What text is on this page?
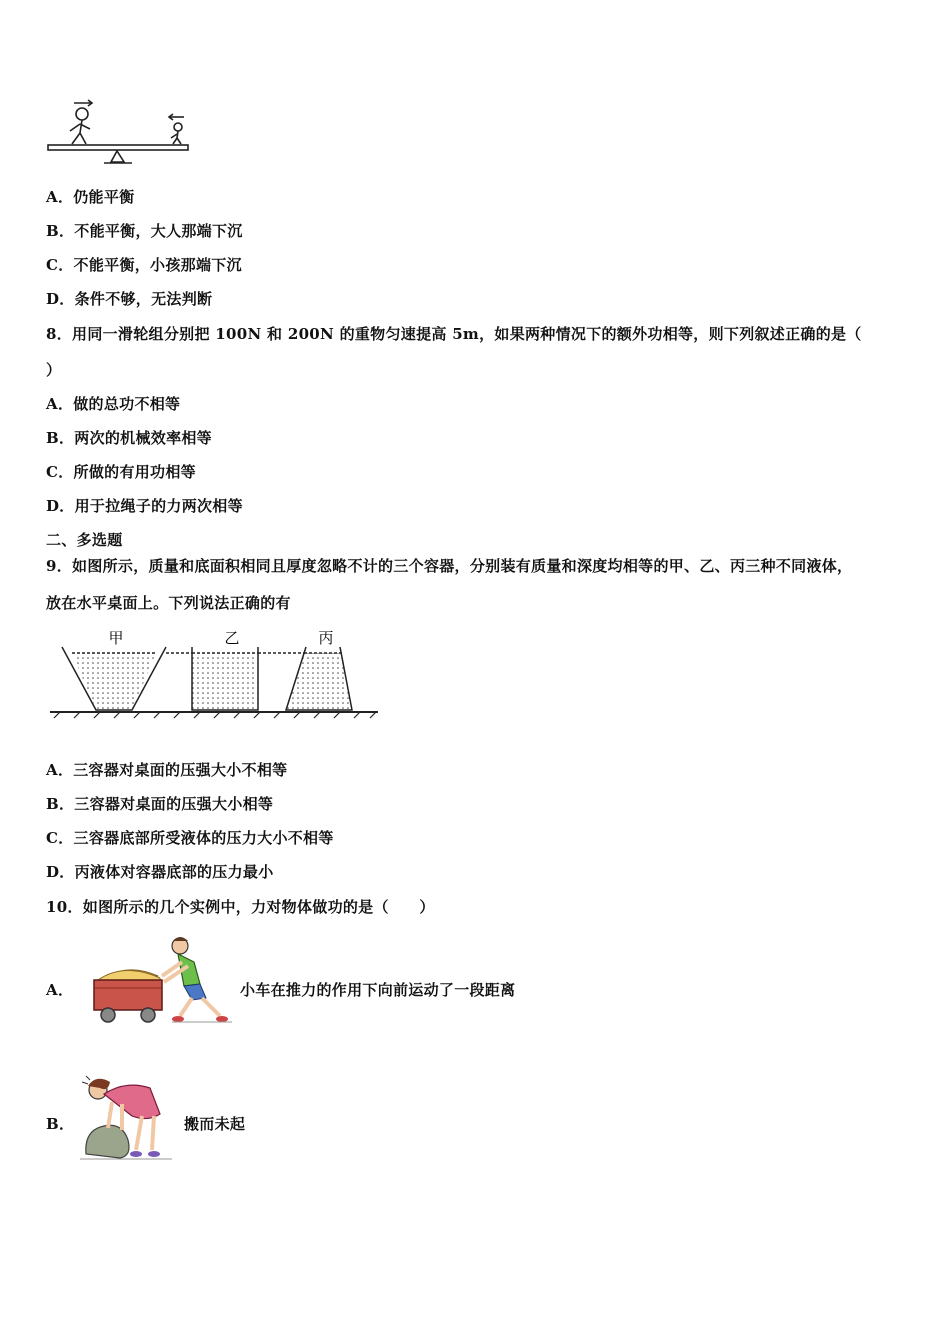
A．仍能平衡
B．不能平衡，大人那端下沉
C．不能平衡，小孩那端下沉
D．条件不够，无法判断
8．用同一滑轮组分别把 100N 和 200N 的重物匀速提高 5m，如果两种情况下的额外功相等，则下列叙述正确的是（
）
A．做的总功不相等
B．两次的机械效率相等
C．所做的有用功相等
D．用于拉绳子的力两次相等
二、多选题
9．如图所示，质量和底面积相同且厚度忽略不计的三个容器，分别装有质量和深度均相等的甲、乙、丙三种不同液体，
放在水平桌面上。下列说法正确的有
甲	乙	丙
A．三容器对桌面的压强大小不相等
B．三容器对桌面的压强大小相等
C．三容器底部所受液体的压力大小不相等
D．丙液体对容器底部的压力最小
10．如图所示的几个实例中，力对物体做功的是（　　）
A．	小车在推力的作用下向前运动了一段距离
B．	搬而未起
